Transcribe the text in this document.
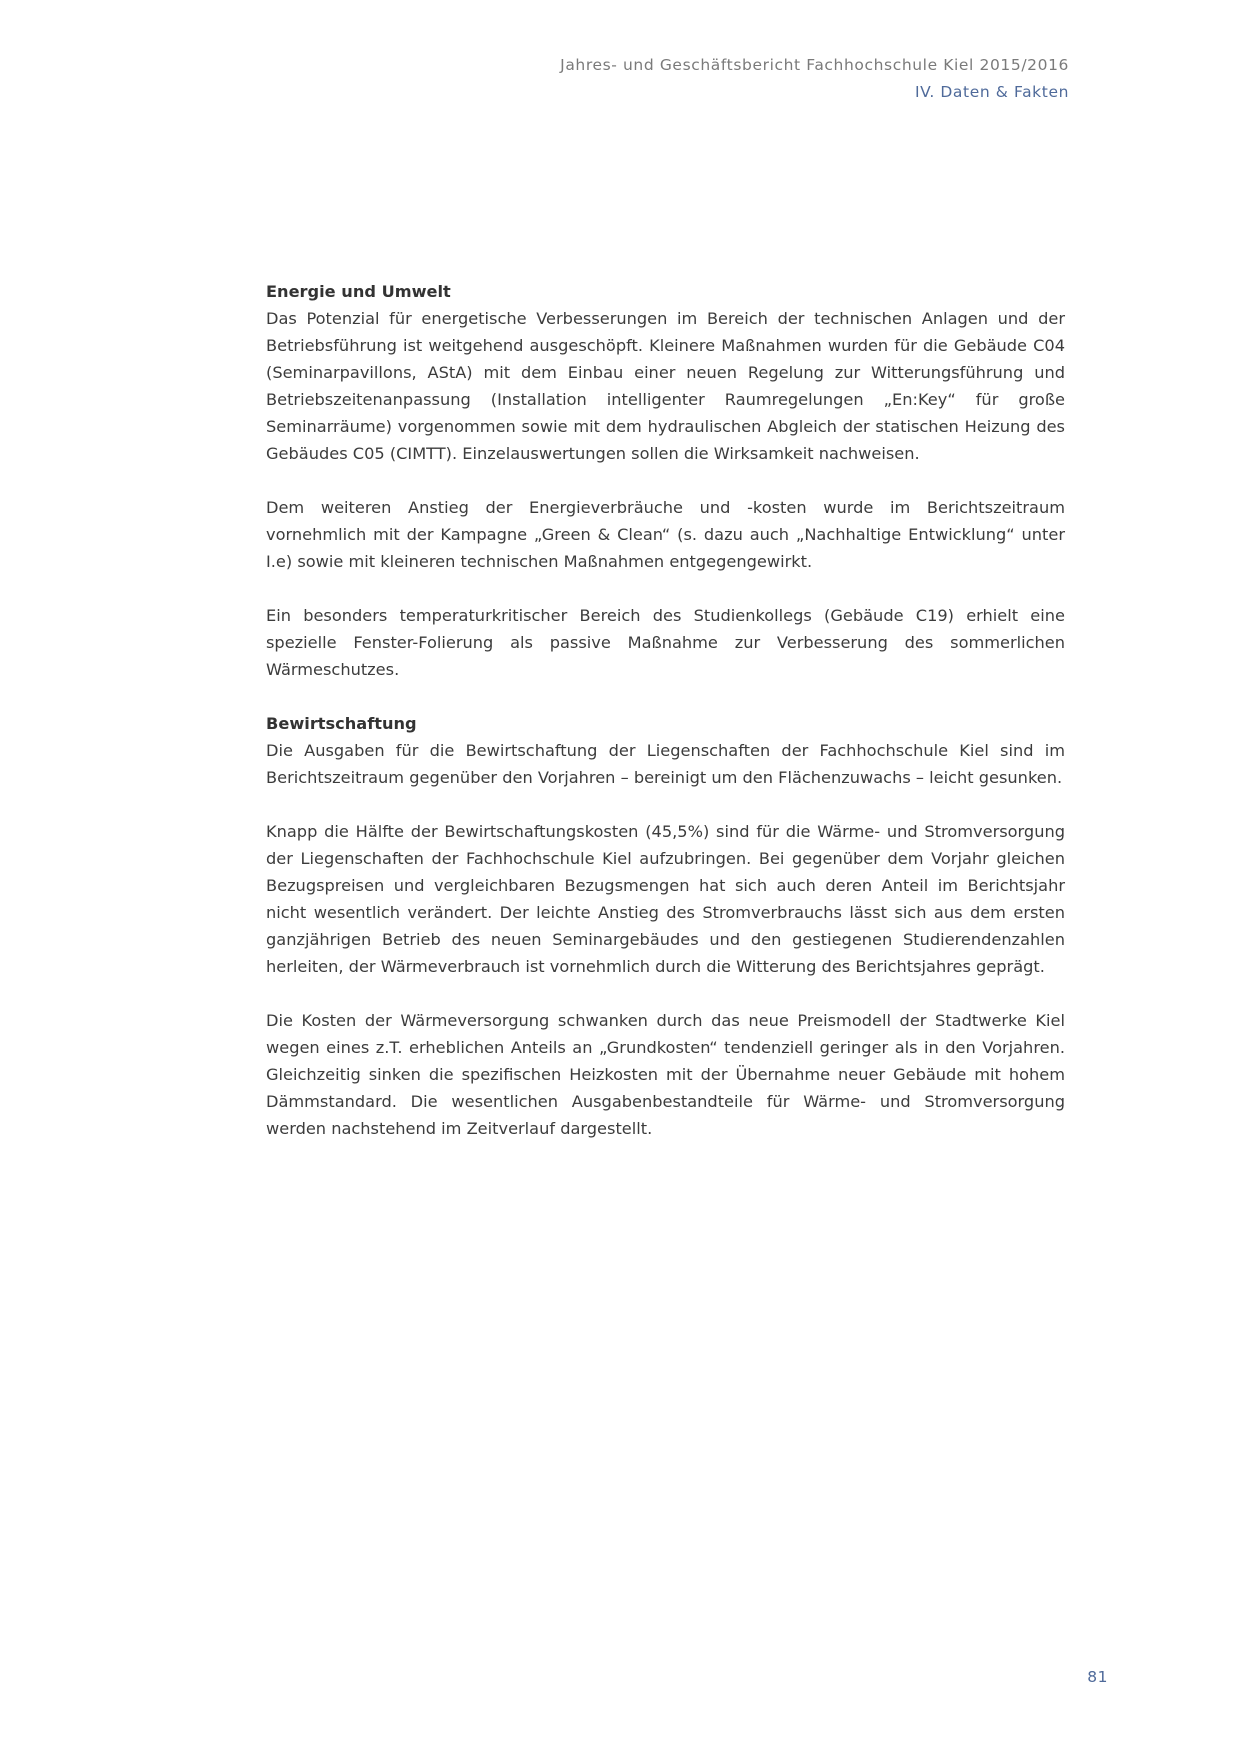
Jahres- und Geschäftsbericht Fachhochschule Kiel 2015/2016
IV. Daten & Fakten
Energie und Umwelt

Das Potenzial für energetische Verbesserungen im Bereich der technischen Anlagen und der Betriebsführung ist weitgehend ausgeschöpft. Kleinere Maßnahmen wurden für die Gebäude C04 (Seminarpavillons, AStA) mit dem Einbau einer neuen Regelung zur Witterungsführung und Betriebszeitenanpassung (Installation intelligenter Raumregelungen „En:Key“ für große Seminarräume) vorgenommen sowie mit dem hydraulischen Abgleich der statischen Heizung des Gebäudes C05 (CIMTT). Einzelauswertungen sollen die Wirksamkeit nachweisen.

Dem weiteren Anstieg der Energieverbräuche und -kosten wurde im Berichtszeitraum vornehmlich mit der Kampagne „Green & Clean“ (s. dazu auch „Nachhaltige Entwicklung“ unter I.e) sowie mit kleineren technischen Maßnahmen entgegengewirkt.

Ein besonders temperaturkritischer Bereich des Studienkollegs (Gebäude C19) erhielt eine spezielle Fenster-Folierung als passive Maßnahme zur Verbesserung des sommerlichen Wärmeschutzes.

Bewirtschaftung

Die Ausgaben für die Bewirtschaftung der Liegenschaften der Fachhochschule Kiel sind im Berichtszeitraum gegenüber den Vorjahren – bereinigt um den Flächenzuwachs – leicht gesunken.

Knapp die Hälfte der Bewirtschaftungskosten (45,5%) sind für die Wärme- und Stromversorgung der Liegenschaften der Fachhochschule Kiel aufzubringen. Bei gegenüber dem Vorjahr gleichen Bezugspreisen und vergleichbaren Bezugsmengen hat sich auch deren Anteil im Berichtsjahr nicht wesentlich verändert. Der leichte Anstieg des Stromverbrauchs lässt sich aus dem ersten ganzjährigen Betrieb des neuen Seminargebäudes und den gestiegenen Studierendenzahlen herleiten, der Wärmeverbrauch ist vornehmlich durch die Witterung des Berichtsjahres geprägt.

Die Kosten der Wärmeversorgung schwanken durch das neue Preismodell der Stadtwerke Kiel wegen eines z.T. erheblichen Anteils an „Grundkosten“ tendenziell geringer als in den Vorjahren. Gleichzeitig sinken die spezifischen Heizkosten mit der Übernahme neuer Gebäude mit hohem Dämmstandard. Die wesentlichen Ausgabenbestandteile für Wärme- und Stromversorgung werden nachstehend im Zeitverlauf dargestellt.

81
